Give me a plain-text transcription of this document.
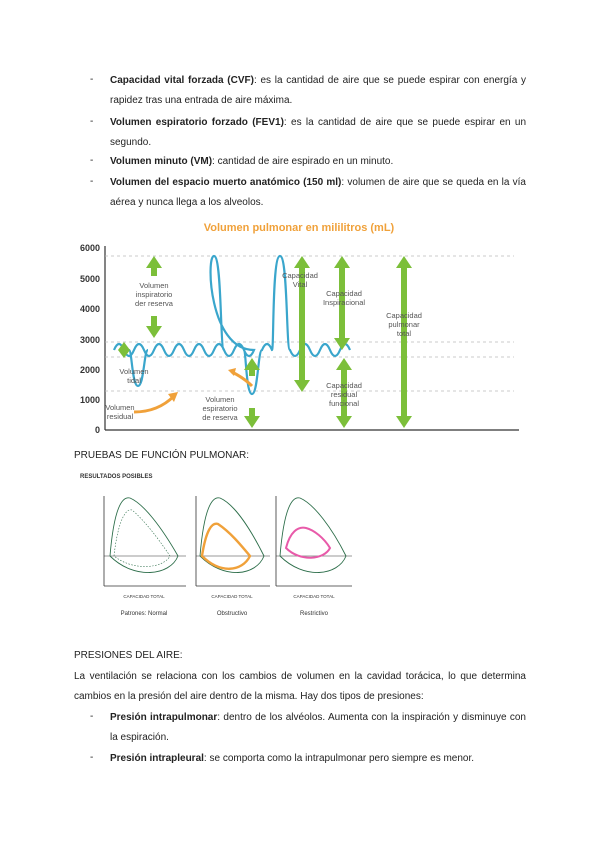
- Capacidad vital forzada (CVF): es la cantidad de aire que se puede espirar con energía y
rapidez tras una entrada de aire máxima.
- Volumen espiratorio forzado (FEV1): es la cantidad de aire que se puede espirar en un
segundo.
- Volumen minuto (VM): cantidad de aire espirado en un minuto.
- Volumen del espacio muerto anatómico (150 ml): volumen de aire que se queda en la vía
aérea y nunca llega a los alveolos.
Volumen pulmonar en mililitros (mL)
6000
5000
4000
3000
2000
1000
0
Volumen
inspiratorio
der reserva
Volumen
tidal
Volumen
residual
Volumen
espiratorio
de reserva
Capacidad
Vital
Capacidad
Inspiracional
Capacidad
pulmonar
total
Capacidad
residual
funcional
PRUEBAS DE FUNCIÓN PULMONAR:
RESULTADOS POSIBLES
Patrones: Normal
CAPACIDAD TOTAL
Obstructivo
CAPACIDAD TOTAL
Restrictivo
CAPACIDAD TOTAL
PRESIONES DEL AIRE:
La ventilación se relaciona con los cambios de volumen en la cavidad torácica, lo que determina
cambios en la presión del aire dentro de la misma. Hay dos tipos de presiones:
- Presión intrapulmonar: dentro de los alvéolos. Aumenta con la inspiración y disminuye con
la espiración.
- Presión intrapleural: se comporta como la intrapulmonar pero siempre es menor.
